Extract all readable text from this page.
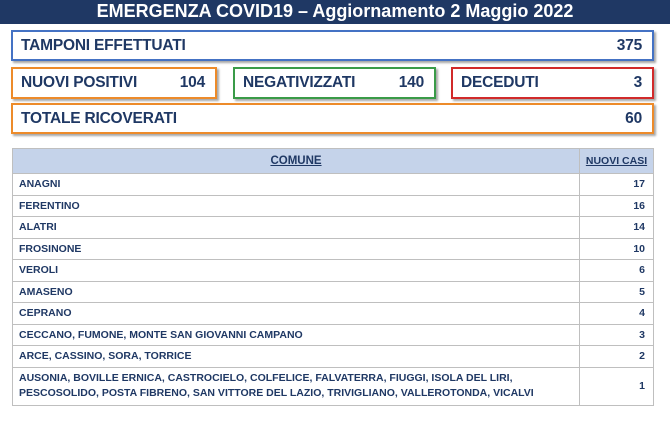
EMERGENZA COVID19 – Aggiornamento 2 Maggio 2022
TAMPONI EFFETTUATI	375
NUOVI POSITIVI	104 NEGATIVIZZATI	140 DECEDUTI	3
TOTALE RICOVERATI	60
COMUNE	NUOVI CASI
ANAGNI	17
FERENTINO	16
ALATRI	14
FROSINONE	10
VEROLI	6
AMASENO	5
CEPRANO	4
CECCANO, FUMONE, MONTE SAN GIOVANNI CAMPANO	3
ARCE, CASSINO, SORA, TORRICE	2

AUSONIA, BOVILLE ERNICA, CASTROCIELO, COLFELICE, FALVATERRA, FIUGGI, ISOLA DEL LIRI,
PESCOSOLIDO, POSTA FIBRENO, SAN VITTORE DEL LAZIO, TRIVIGLIANO, VALLEROTONDA, VICALVI	1
